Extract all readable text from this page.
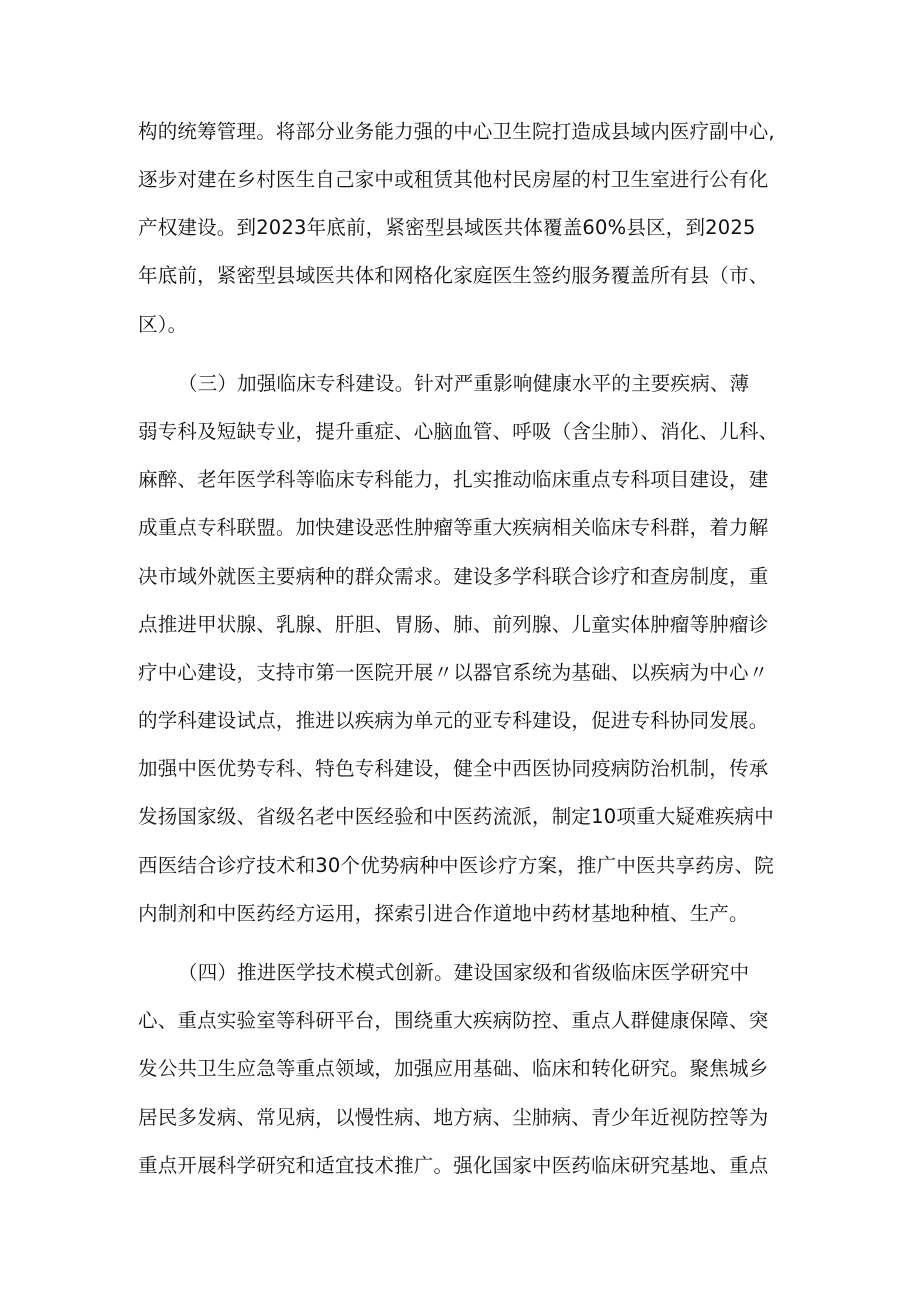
构的统筹管理。将部分业务能力强的中心卫生院打造成县域内医疗副中心,
逐步对建在乡村医生自己家中或租赁其他村民房屋的村卫生室进行公有化
产权建设。到2023年底前，紧密型县域医共体覆盖60%县区，到2025
年底前，紧密型县域医共体和网格化家庭医生签约服务覆盖所有县（市、
区）。
（三）加强临床专科建设。针对严重影响健康水平的主要疾病、薄
弱专科及短缺专业，提升重症、心脑血管、呼吸（含尘肺）、消化、儿科、
麻醉、老年医学科等临床专科能力，扎实推动临床重点专科项目建设，建
成重点专科联盟。加快建设恶性肿瘤等重大疾病相关临床专科群，着力解
决市域外就医主要病种的群众需求。建设多学科联合诊疗和查房制度，重
点推进甲状腺、乳腺、肝胆、胃肠、肺、前列腺、儿童实体肿瘤等肿瘤诊
疗中心建设，支持市第一医院开展〃以器官系统为基础、以疾病为中心〃
的学科建设试点，推进以疾病为单元的亚专科建设，促进专科协同发展。
加强中医优势专科、特色专科建设，健全中西医协同疫病防治机制，传承
发扬国家级、省级名老中医经验和中医药流派，制定10项重大疑难疾病中
西医结合诊疗技术和30个优势病种中医诊疗方案，推广中医共享药房、院
内制剂和中医药经方运用，探索引进合作道地中药材基地种植、生产。
（四）推进医学技术模式创新。建设国家级和省级临床医学研究中
心、重点实验室等科研平台，围绕重大疾病防控、重点人群健康保障、突
发公共卫生应急等重点领域，加强应用基础、临床和转化研究。聚焦城乡
居民多发病、常见病，以慢性病、地方病、尘肺病、青少年近视防控等为
重点开展科学研究和适宜技术推广。强化国家中医药临床研究基地、重点
